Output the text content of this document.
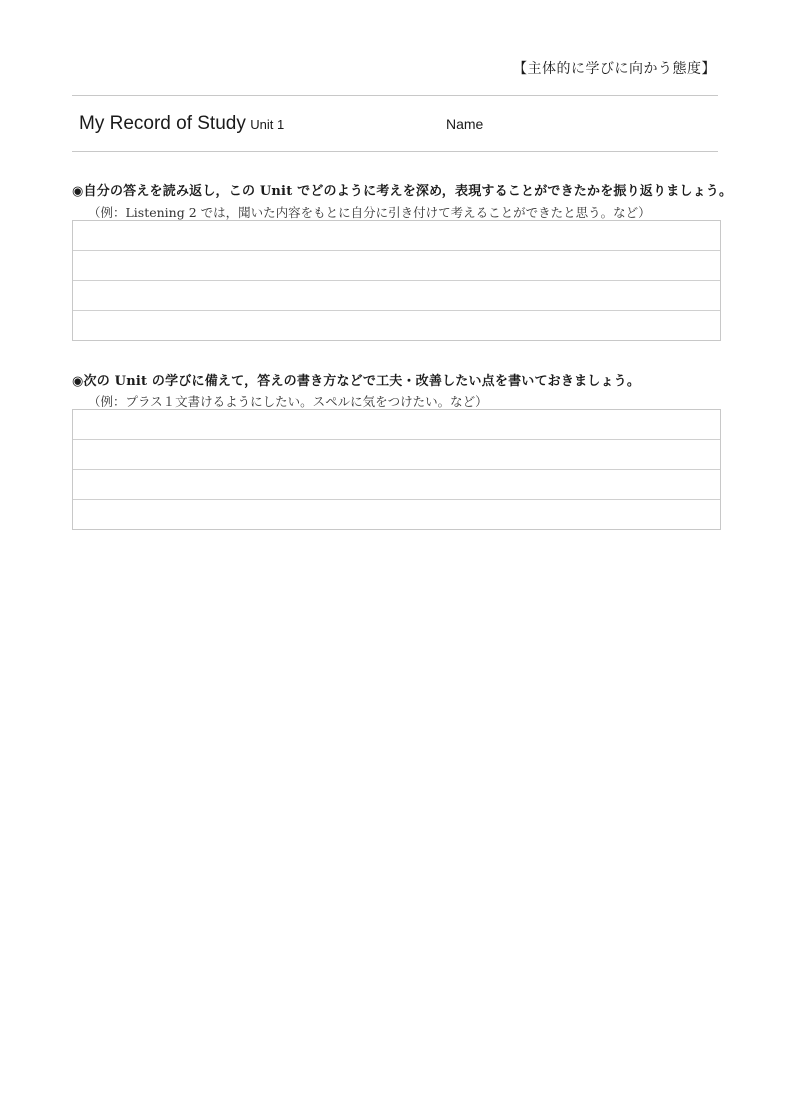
【主体的に学びに向かう態度】
My Record of Study Unit 1	Name
◉自分の答えを読み返し，この Unit でどのように考えを深め，表現することができたかを振り返りましょう。
（例：Listening 2 では，聞いた内容をもとに自分に引き付けて考えることができたと思う。など）
◉次の Unit の学びに備えて，答えの書き方などで工夫・改善したい点を書いておきましょう。
（例：プラス１文書けるようにしたい。スペルに気をつけたい。など）
